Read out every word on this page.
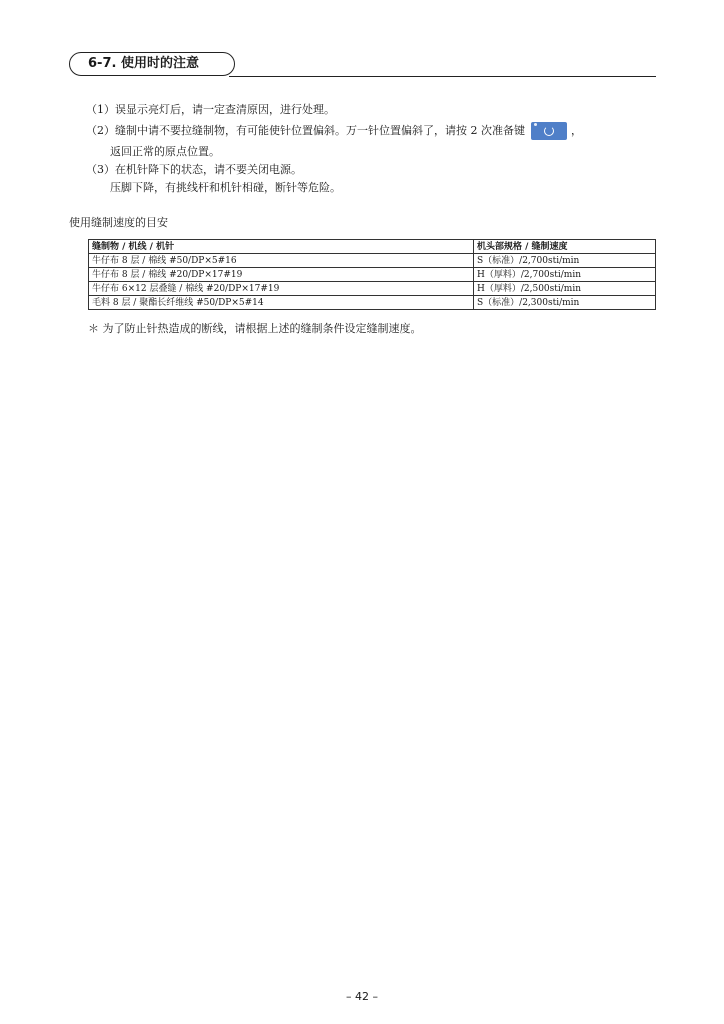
6-7. 使用时的注意
（1）误显示亮灯后，请一定查清原因，进行处理。
（2）缝制中请不要拉缝制物，有可能使针位置偏斜。万一针位置偏斜了，请按 2 次准备键	，
返回正常的原点位置。
（3）在机针降下的状态，请不要关闭电源。
压脚下降，有挑线杆和机针相碰，断针等危险。
使用缝制速度的目安
缝制物 / 机线 / 机针	机头部规格 / 缝制速度
牛仔布 8 层 / 棉线 #50/DP×5#16	S（标准）/2,700sti/min
牛仔布 8 层 / 棉线 #20/DP×17#19	H（厚料）/2,700sti/min
牛仔布 6×12 层叠缝 / 棉线 #20/DP×17#19	H（厚料）/2,500sti/min
毛料 8 层 / 聚酯长纤维线 #50/DP×5#14	S（标准）/2,300sti/min
＊ 为了防止针热造成的断线，请根据上述的缝制条件设定缝制速度。
– 42 –
